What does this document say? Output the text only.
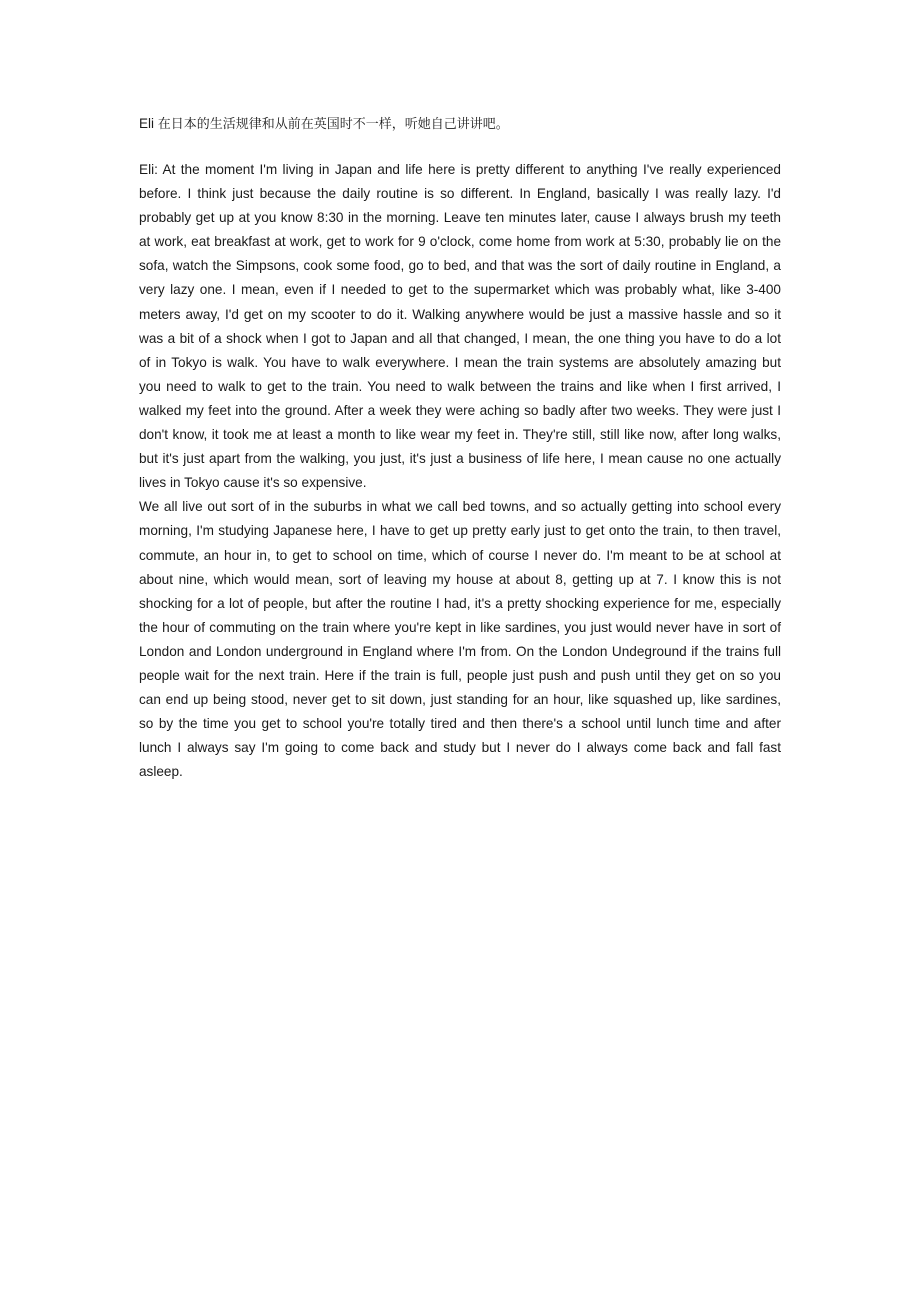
Eli 在日本的生活规律和从前在英国时不一样，听她自己讲讲吧。
Eli: At the moment I'm living in Japan and life here is pretty different to anything I've really experienced
before. I think just because the daily routine is so different. In England, basically I was really lazy. I'd
probably get up at you know 8:30 in the morning. Leave ten minutes later, cause I always brush my teeth
at work, eat breakfast at work, get to work for 9 o'clock, come home from work at 5:30, probably lie on the
sofa, watch the Simpsons, cook some food, go to bed, and that was the sort of daily routine in England, a
very lazy one. I mean, even if I needed to get to the supermarket which was probably what, like 3-400
meters away, I'd get on my scooter to do it. Walking anywhere would be just a massive hassle and so it
was a bit of a shock when I got to Japan and all that changed, I mean, the one thing you have to do a lot
of in Tokyo is walk. You have to walk everywhere. I mean the train systems are absolutely amazing but
you need to walk to get to the train. You need to walk between the trains and like when I first arrived, I
walked my feet into the ground. After a week they were aching so badly after two weeks. They were just I
don't know, it took me at least a month to like wear my feet in. They're still, still like now, after long walks,
but it's just apart from the walking, you just, it's just a business of life here, I mean cause no one actually
lives in Tokyo cause it's so expensive.
We all live out sort of in the suburbs in what we call bed towns, and so actually getting into school every
morning, I'm studying Japanese here, I have to get up pretty early just to get onto the train, to then travel,
commute, an hour in, to get to school on time, which of course I never do. I'm meant to be at school at
about nine, which would mean, sort of leaving my house at about 8, getting up at 7. I know this is not
shocking for a lot of people, but after the routine I had, it's a pretty shocking experience for me, especially
the hour of commuting on the train where you're kept in like sardines, you just would never have in sort of
London and London underground in England where I'm from. On the London Undeground if the trains full
people wait for the next train. Here if the train is full, people just push and push until they get on so you
can end up being stood, never get to sit down, just standing for an hour, like squashed up, like sardines,
so by the time you get to school you're totally tired and then there's a school until lunch time and after
lunch I always say I'm going to come back and study but I never do I always come back and fall fast
asleep.
